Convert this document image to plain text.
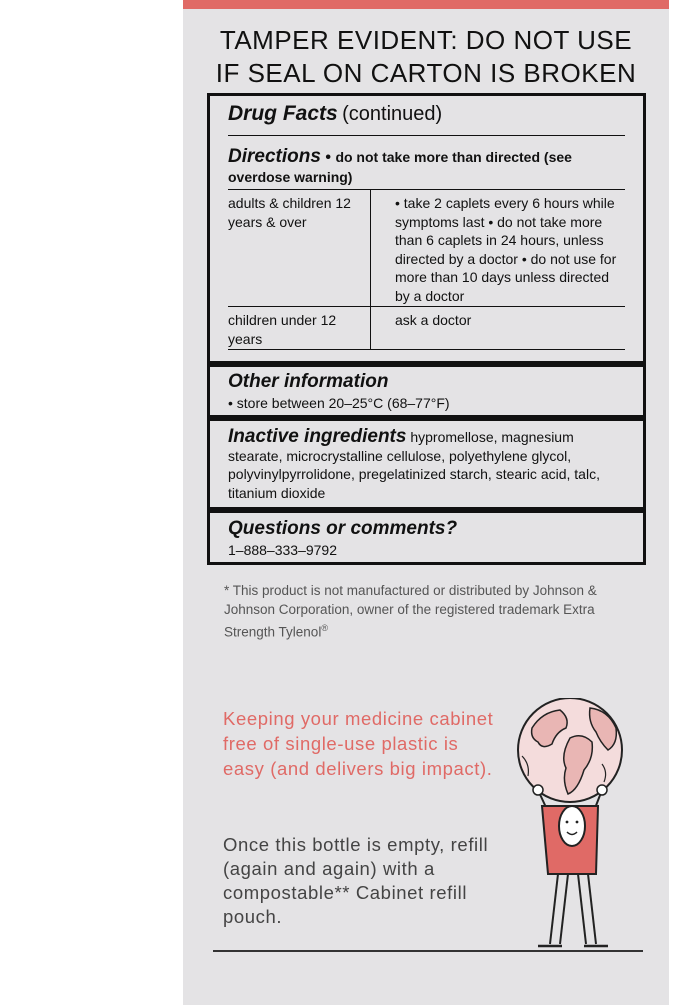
TAMPER EVIDENT: DO NOT USE
IF SEAL ON CARTON IS BROKEN
Drug Facts (continued)
Directions • do not take more than directed (see overdose warning)
adults & children 12 years & over
• take 2 caplets every 6 hours while symptoms last • do not take more than 6 caplets in 24 hours, unless directed by a doctor • do not use for more than 10 days unless directed by a doctor
children under 12 years
ask a doctor
Other information
• store between 20–25°C (68–77°F)
Inactive ingredients hypromellose, magnesium stearate, microcrystalline cellulose, polyethylene glycol, polyvinylpyrrolidone, pregelatinized starch, stearic acid, talc, titanium dioxide
Questions or comments?
1–888–333–9792
* This product is not manufactured or distributed by Johnson & Johnson Corporation, owner of the registered trademark Extra Strength Tylenol®
Keeping your medicine cabinet free of single-use plastic is easy (and delivers big impact).
Once this bottle is empty, refill (again and again) with a compostable** Cabinet refill pouch.
